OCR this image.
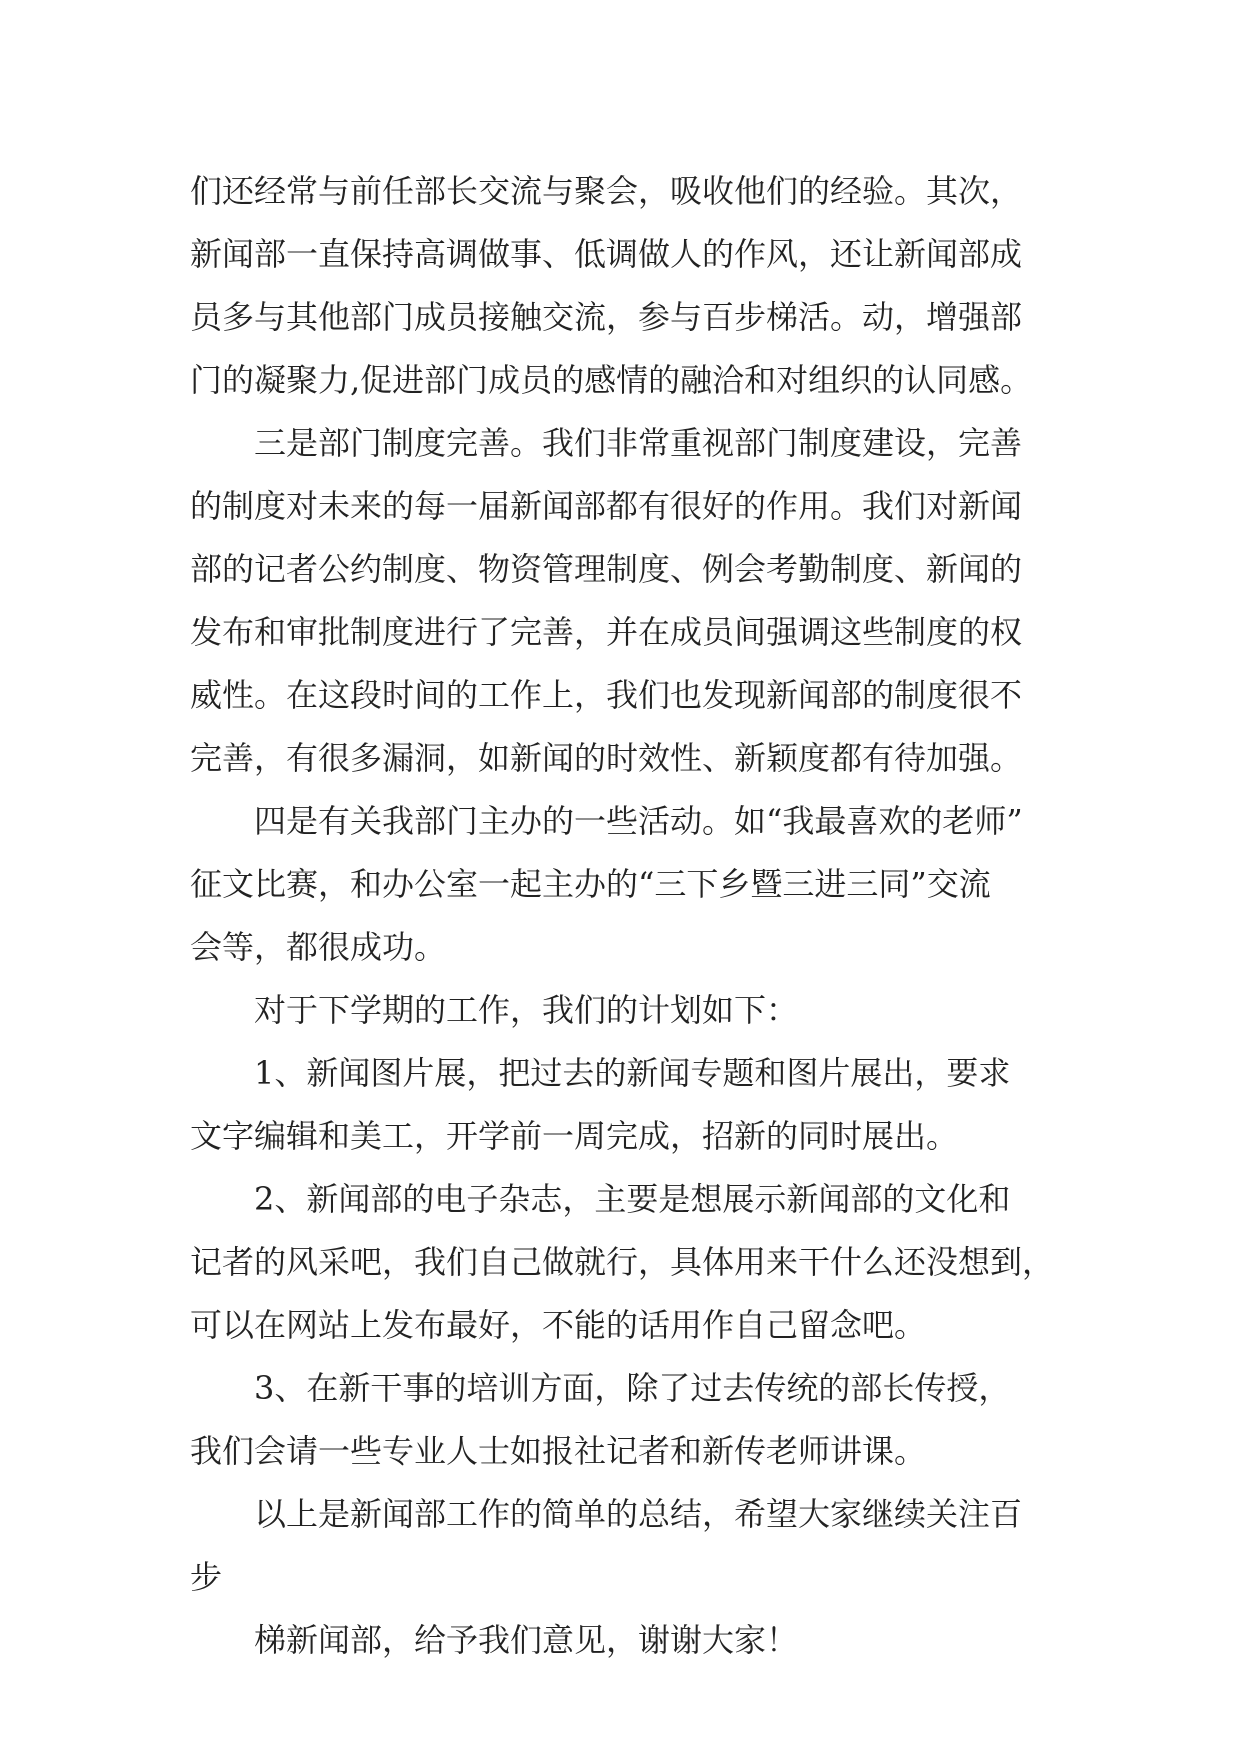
们还经常与前任部长交流与聚会，吸收他们的经验。其次，
新闻部一直保持高调做事、低调做人的作风，还让新闻部成
员多与其他部门成员接触交流，参与百步梯活。动，增强部
门的凝聚力,促进部门成员的感情的融洽和对组织的认同感。

三是部门制度完善。我们非常重视部门制度建设，完善
的制度对未来的每一届新闻部都有很好的作用。我们对新闻
部的记者公约制度、物资管理制度、例会考勤制度、新闻的
发布和审批制度进行了完善，并在成员间强调这些制度的权
威性。在这段时间的工作上，我们也发现新闻部的制度很不
完善，有很多漏洞，如新闻的时效性、新颖度都有待加强。

四是有关我部门主办的一些活动。如“我最喜欢的老师”
征文比赛，和办公室一起主办的“三下乡暨三进三同”交流
会等，都很成功。

对于下学期的工作，我们的计划如下：

1、新闻图片展，把过去的新闻专题和图片展出，要求
文字编辑和美工，开学前一周完成，招新的同时展出。

2、新闻部的电子杂志，主要是想展示新闻部的文化和
记者的风采吧，我们自己做就行，具体用来干什么还没想到，
可以在网站上发布最好，不能的话用作自己留念吧。

3、在新干事的培训方面，除了过去传统的部长传授，
我们会请一些专业人士如报社记者和新传老师讲课。

以上是新闻部工作的简单的总结，希望大家继续关注百
步

梯新闻部，给予我们意见，谢谢大家！
